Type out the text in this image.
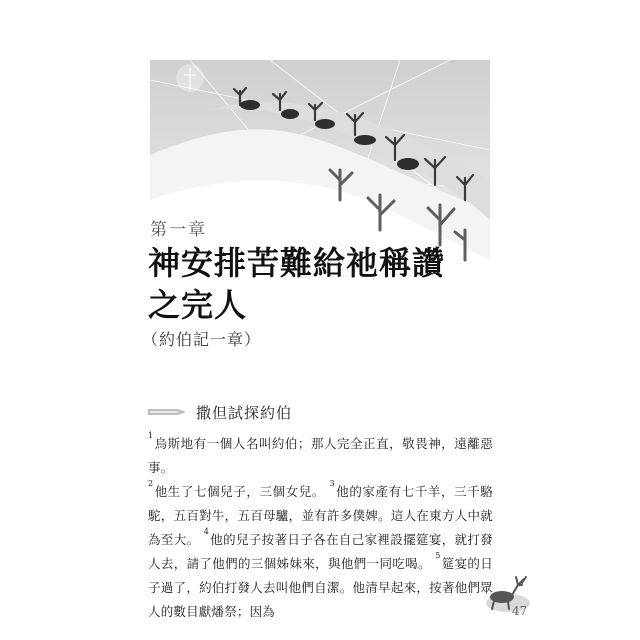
第一章
神安排苦難給祂稱讚
之完人
（約伯記一章）
撒但試探約伯
$^1$烏斯地有一個人名叫約伯；那人完全正直，敬畏神，遠離惡事。
$^2$他生了七個兒子，三個女兒。 $^3$他的家產有七千羊，三千駱駝，五百對牛，五百母驢，並有許多僕婢。這人在東方人中就為至大。 $^4$他的兒子按著日子各在自己家裡設擺筵宴，就打發人去，請了他們的三個姊妹來，與他們一同吃喝。 $^5$筵宴的日子過了，約伯打發人去叫他們自潔。他清早起來，按著他們眾人的數目獻燔祭；因為	47
